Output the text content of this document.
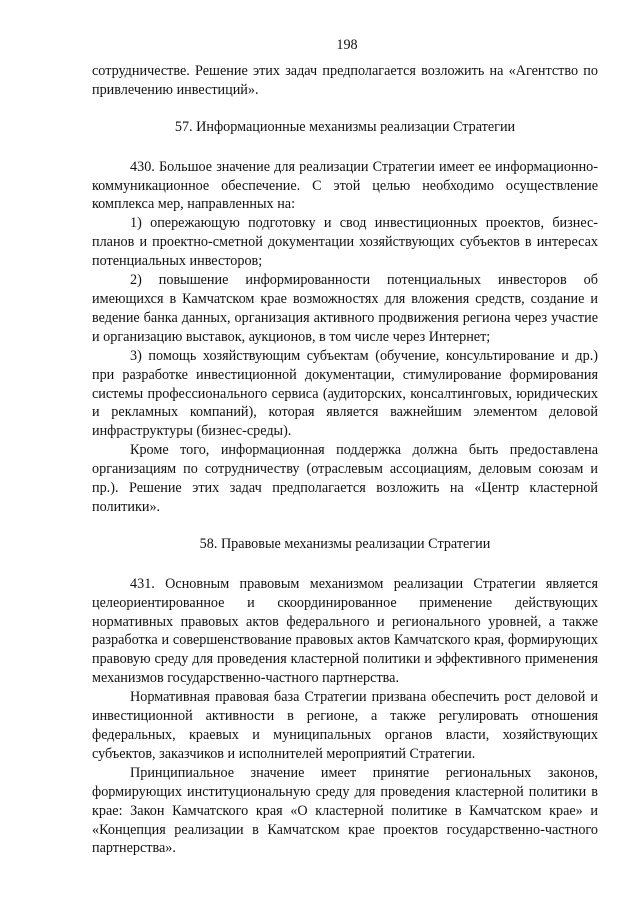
198

сотрудничестве. Решение этих задач предполагается возложить на «Агентство по привлечению инвестиций».

57. Информационные механизмы реализации Стратегии

430. Большое значение для реализации Стратегии имеет ее информационно-коммуникационное обеспечение. С этой целью необходимо осуществление комплекса мер, направленных на:

1) опережающую подготовку и свод инвестиционных проектов, бизнес-планов и проектно-сметной документации хозяйствующих субъектов в интересах потенциальных инвесторов;

2) повышение информированности потенциальных инвесторов об имеющихся в Камчатском крае возможностях для вложения средств, создание и ведение банка данных, организация активного продвижения региона через участие и организацию выставок, аукционов, в том числе через Интернет;

3) помощь хозяйствующим субъектам (обучение, консультирование и др.) при разработке инвестиционной документации, стимулирование формирования системы профессионального сервиса (аудиторских, консалтинговых, юридических и рекламных компаний), которая является важнейшим элементом деловой инфраструктуры (бизнес-среды).

Кроме того, информационная поддержка должна быть предоставлена организациям по сотрудничеству (отраслевым ассоциациям, деловым союзам и пр.). Решение этих задач предполагается возложить на «Центр кластерной политики».

58. Правовые механизмы реализации Стратегии

431. Основным правовым механизмом реализации Стратегии является целеориентированное и скоординированное применение действующих нормативных правовых актов федерального и регионального уровней, а также разработка и совершенствование правовых актов Камчатского края, формирующих правовую среду для проведения кластерной политики и эффективного применения механизмов государственно-частного партнерства.

Нормативная правовая база Стратегии призвана обеспечить рост деловой и инвестиционной активности в регионе, а также регулировать отношения федеральных, краевых и муниципальных органов власти, хозяйствующих субъектов, заказчиков и исполнителей мероприятий Стратегии.

Принципиальное значение имеет принятие региональных законов, формирующих институциональную среду для проведения кластерной политики в крае: Закон Камчатского края «О кластерной политике в Камчатском крае» и «Концепция реализации в Камчатском крае проектов государственно-частного партнерства».
